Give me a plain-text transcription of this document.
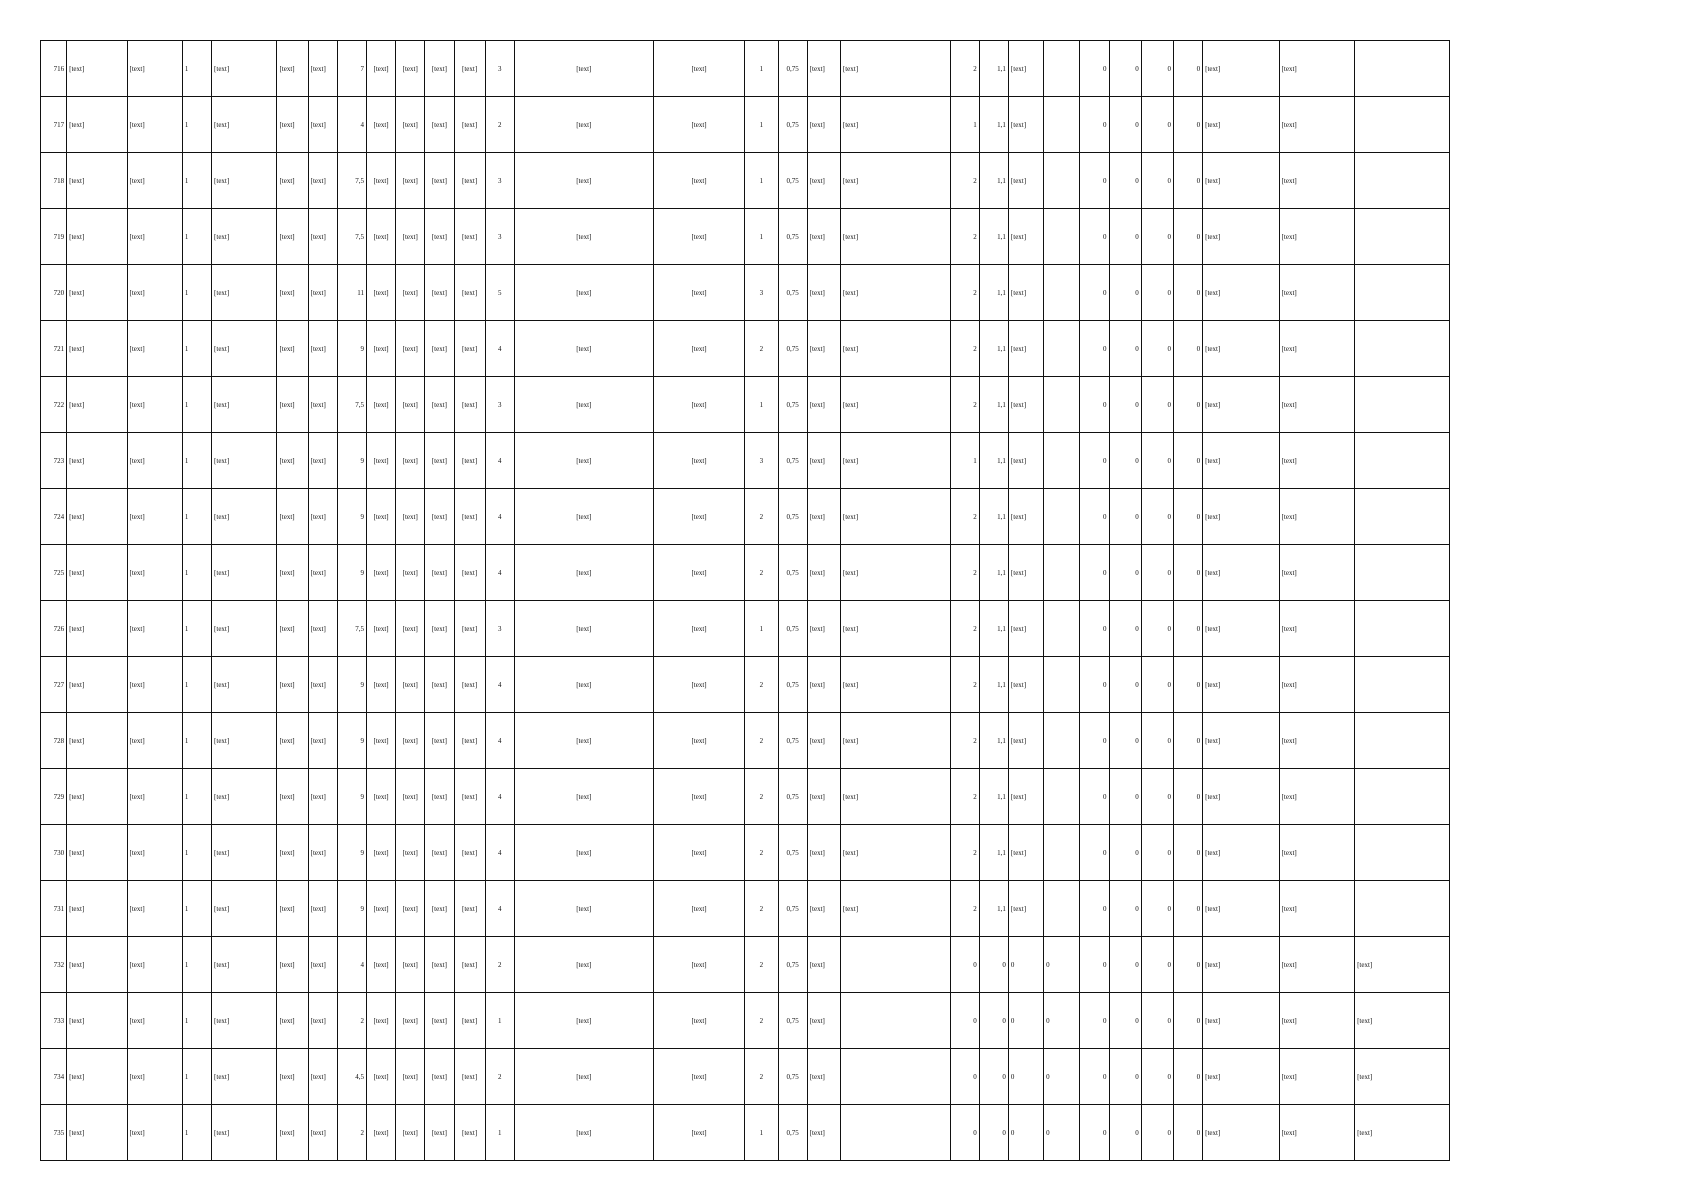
716	[text]	[text]	1	[text]	[text]	[text]	7	[text]	[text]	[text]	[text]	3	[text]	[text]	1	0,75	[text]	[text]	2	1,1	[text]		0	0	0	0	[text]	[text]	
717	[text]	[text]	1	[text]	[text]	[text]	4	[text]	[text]	[text]	[text]	2	[text]	[text]	1	0,75	[text]	[text]	1	1,1	[text]		0	0	0	0	[text]	[text]	
718	[text]	[text]	1	[text]	[text]	[text]	7,5	[text]	[text]	[text]	[text]	3	[text]	[text]	1	0,75	[text]	[text]	2	1,1	[text]		0	0	0	0	[text]	[text]	
719	[text]	[text]	1	[text]	[text]	[text]	7,5	[text]	[text]	[text]	[text]	3	[text]	[text]	1	0,75	[text]	[text]	2	1,1	[text]		0	0	0	0	[text]	[text]	
720	[text]	[text]	1	[text]	[text]	[text]	11	[text]	[text]	[text]	[text]	5	[text]	[text]	3	0,75	[text]	[text]	2	1,1	[text]		0	0	0	0	[text]	[text]	
721	[text]	[text]	1	[text]	[text]	[text]	9	[text]	[text]	[text]	[text]	4	[text]	[text]	2	0,75	[text]	[text]	2	1,1	[text]		0	0	0	0	[text]	[text]	
722	[text]	[text]	1	[text]	[text]	[text]	7,5	[text]	[text]	[text]	[text]	3	[text]	[text]	1	0,75	[text]	[text]	2	1,1	[text]		0	0	0	0	[text]	[text]	
723	[text]	[text]	1	[text]	[text]	[text]	9	[text]	[text]	[text]	[text]	4	[text]	[text]	3	0,75	[text]	[text]	1	1,1	[text]		0	0	0	0	[text]	[text]	
724	[text]	[text]	1	[text]	[text]	[text]	9	[text]	[text]	[text]	[text]	4	[text]	[text]	2	0,75	[text]	[text]	2	1,1	[text]		0	0	0	0	[text]	[text]	
725	[text]	[text]	1	[text]	[text]	[text]	9	[text]	[text]	[text]	[text]	4	[text]	[text]	2	0,75	[text]	[text]	2	1,1	[text]		0	0	0	0	[text]	[text]	
726	[text]	[text]	1	[text]	[text]	[text]	7,5	[text]	[text]	[text]	[text]	3	[text]	[text]	1	0,75	[text]	[text]	2	1,1	[text]		0	0	0	0	[text]	[text]	
727	[text]	[text]	1	[text]	[text]	[text]	9	[text]	[text]	[text]	[text]	4	[text]	[text]	2	0,75	[text]	[text]	2	1,1	[text]		0	0	0	0	[text]	[text]	
728	[text]	[text]	1	[text]	[text]	[text]	9	[text]	[text]	[text]	[text]	4	[text]	[text]	2	0,75	[text]	[text]	2	1,1	[text]		0	0	0	0	[text]	[text]	
729	[text]	[text]	1	[text]	[text]	[text]	9	[text]	[text]	[text]	[text]	4	[text]	[text]	2	0,75	[text]	[text]	2	1,1	[text]		0	0	0	0	[text]	[text]	
730	[text]	[text]	1	[text]	[text]	[text]	9	[text]	[text]	[text]	[text]	4	[text]	[text]	2	0,75	[text]	[text]	2	1,1	[text]		0	0	0	0	[text]	[text]	
731	[text]	[text]	1	[text]	[text]	[text]	9	[text]	[text]	[text]	[text]	4	[text]	[text]	2	0,75	[text]	[text]	2	1,1	[text]		0	0	0	0	[text]	[text]	
732	[text]	[text]	1	[text]	[text]	[text]	4	[text]	[text]	[text]	[text]	2	[text]	[text]	2	0,75	[text]		0	0	0	0	0	0	0	0	[text]	[text]	[text]
733	[text]	[text]	1	[text]	[text]	[text]	2	[text]	[text]	[text]	[text]	1	[text]	[text]	2	0,75	[text]		0	0	0	0	0	0	0	0	[text]	[text]	[text]
734	[text]	[text]	1	[text]	[text]	[text]	4,5	[text]	[text]	[text]	[text]	2	[text]	[text]	2	0,75	[text]		0	0	0	0	0	0	0	0	[text]	[text]	[text]
735	[text]	[text]	1	[text]	[text]	[text]	2	[text]	[text]	[text]	[text]	1	[text]	[text]	1	0,75	[text]		0	0	0	0	0	0	0	0	[text]	[text]	[text]
